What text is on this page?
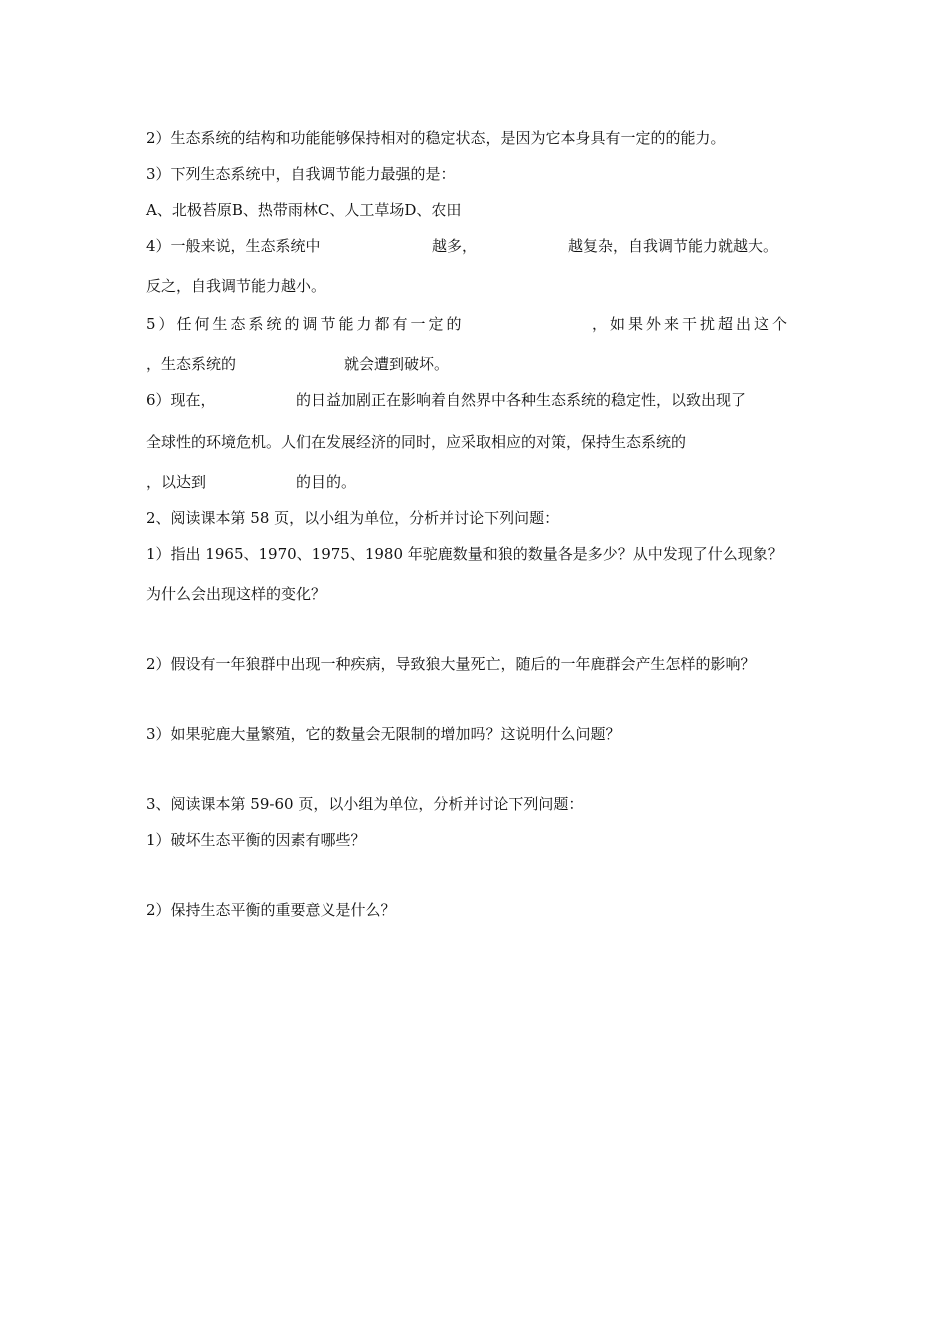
2）生态系统的结构和功能能够保持相对的稳定状态，是因为它本身具有一定的的能力。
3）下列生态系统中，自我调节能力最强的是：
A、北极苔原B、热带雨林C、人工草场D、农田
4）一般来说，生态系统中	越多，	越复杂，自我调节能力就越大。
反之，自我调节能力越小。
5）任何生态系统的调节能力都有一定的	，如果外来干扰超出这个
，生态系统的	就会遭到破坏。
6）现在，	的日益加剧正在影响着自然界中各种生态系统的稳定性，以致出现了
全球性的环境危机。人们在发展经济的同时，应采取相应的对策，保持生态系统的
，以达到	的目的。
2、阅读课本第 58 页，以小组为单位，分析并讨论下列问题：
1）指出 1965、1970、1975、1980 年驼鹿数量和狼的数量各是多少？从中发现了什么现象？
为什么会出现这样的变化？
2）假设有一年狼群中出现一种疾病，导致狼大量死亡，随后的一年鹿群会产生怎样的影响？
3）如果驼鹿大量繁殖，它的数量会无限制的增加吗？这说明什么问题？
3、阅读课本第 59-60 页，以小组为单位，分析并讨论下列问题：
1）破坏生态平衡的因素有哪些？
2）保持生态平衡的重要意义是什么？
